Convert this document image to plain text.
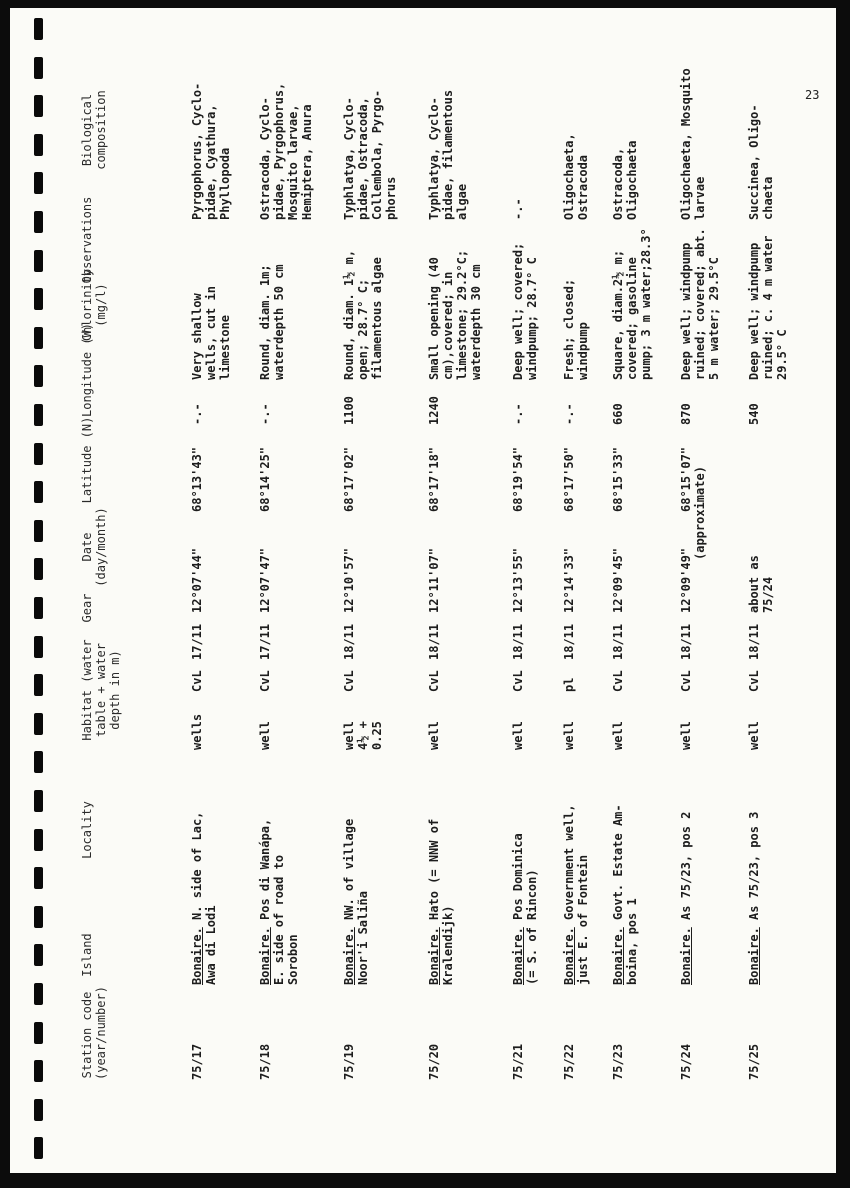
23
Station code
(year/number)
Island
Locality
Habitat (water
table + water
depth in m)
Gear
Date
(day/month)
Latitude (N)
Longitude (W)
Chlorinity
(mg/l)
Observations
Biological
composition
75/17
Bonaire. N. side of Lac,
Awa di Lodi
wells
CvL
17/11
12°07'44"
68°13'43"
-.-
Very shallow
wells, cut in
limestone
Pyrgophorus, Cyclo-
pidae, Cyathura,
Phyllopoda
75/18
Bonaire. Pos di Wanápa,
E. side of road to
Sorobon
well
CvL
17/11
12°07'47"
68°14'25"
-.-
Round, diam. 1m;
waterdepth 50 cm
Ostracoda, Cyclo-
pidae, Pyrgophorus,
Mosquito larvae,
Hemiptera, Anura
75/19
Bonaire. NW. of village
Noor'i Saliña
well
4½ +
0.25
CvL
18/11
12°10'57"
68°17'02"
1100
Round, diam. 1½ m,
open; 28.7° C;
filamentous algae
Typhlatya, Cyclo-
pidae, Ostracoda,
Collembola, Pyrgo-
phorus
75/20
Bonaire. Hato (= NNW of
Kralendijk)
well
CvL
18/11
12°11'07"
68°17'18"
1240
Small opening (40
cm),covered; in
limestone; 29.2°C;
waterdepth 30 cm
Typhlatya, Cyclo-
pidae, filamentous
algae
75/21
Bonaire. Pos Dominica
(= S. of Rincon)
well
CvL
18/11
12°13'55"
68°19'54"
-.-
Deep well; covered;
windpump; 28.7° C
-.-
75/22
Bonaire. Government well,
just E. of Fontein
well
pl
18/11
12°14'33"
68°17'50"
-.-
Fresh; closed;
windpump
Oligochaeta,
Ostracoda
75/23
Bonaire. Govt. Estate Am-
boina, pos 1
well
CvL
18/11
12°09'45"
68°15'33"
660
Square, diam.2½ m;
covered; gasoline
pump; 3 m water;28.3°
Ostracoda,
Oligochaeta
75/24
Bonaire. As 75/23, pos 2
well
CvL
18/11
12°09'49"
68°15'07"
870
Deep well; windpump
ruined; covered; abt.
5 m water; 29.5°C
Oligochaeta, Mosquito
larvae
(approximate)
75/25
Bonaire. As 75/23, pos 3
well
CvL
18/11
about as 75/24
540
Deep well; windpump
ruined; c. 4 m water
29.5° C
Succinea, Oligo-
chaeta
